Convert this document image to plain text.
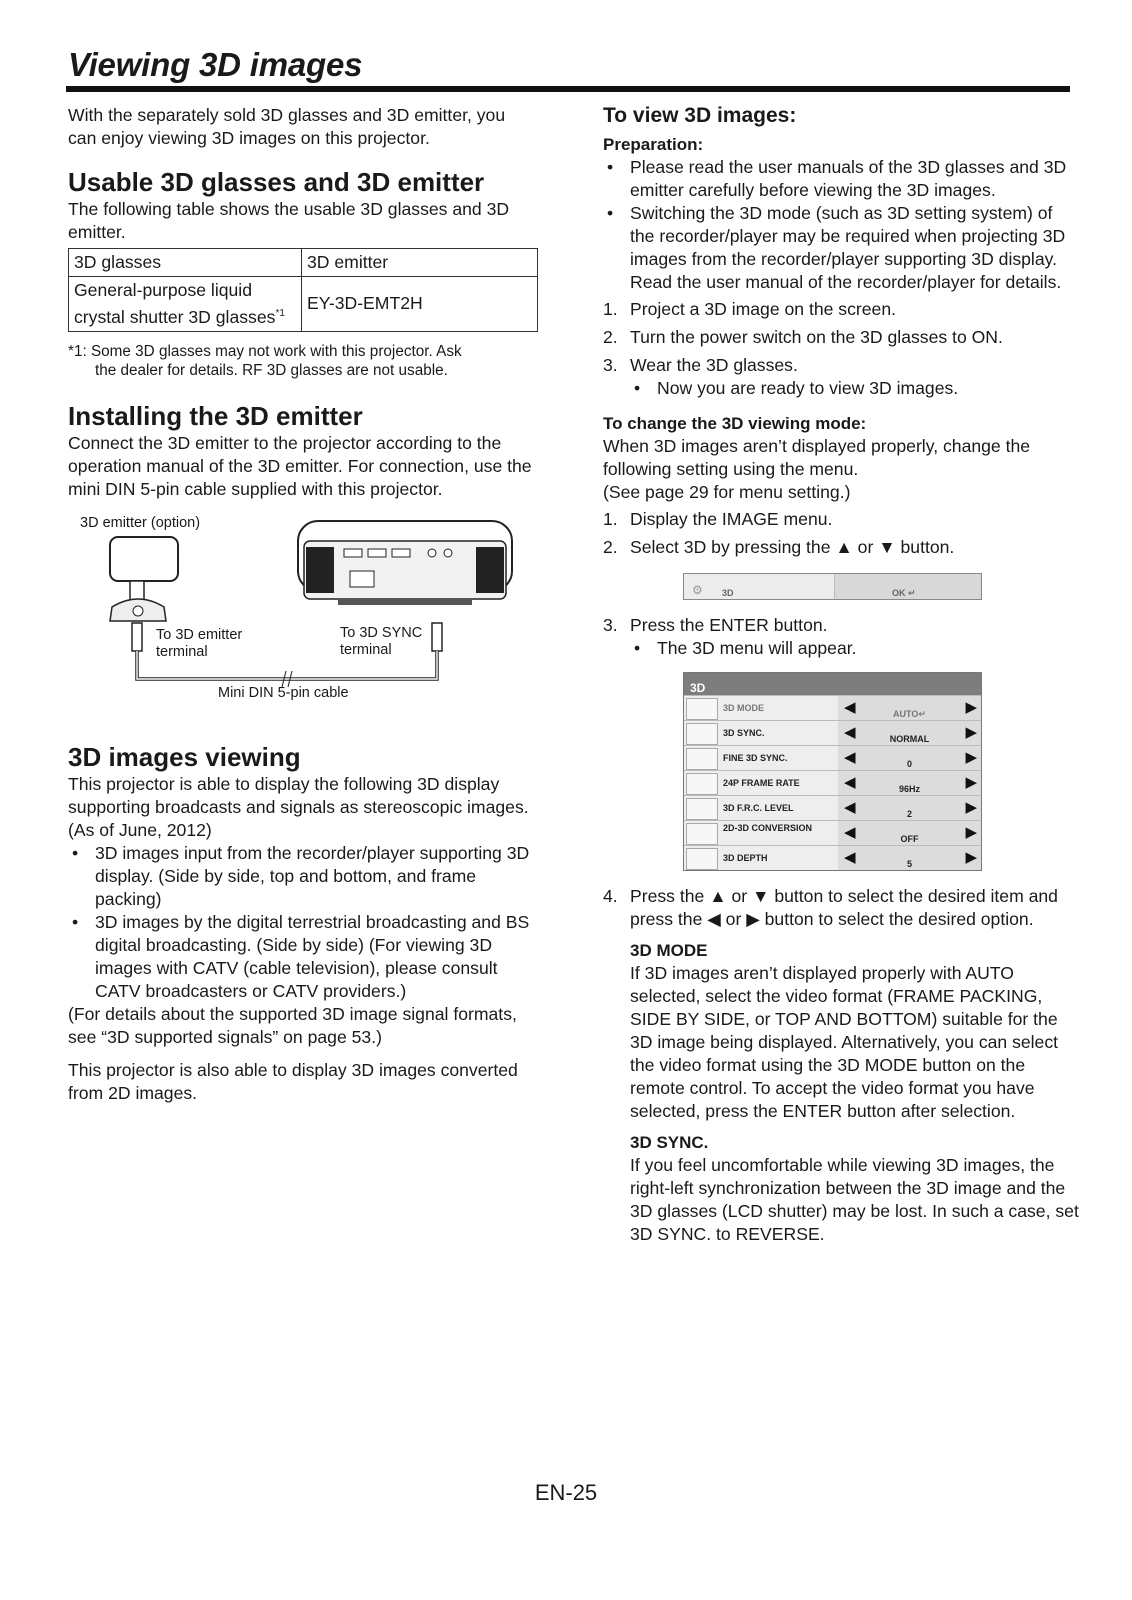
Viewing 3D images

With the separately sold 3D glasses and 3D emitter, you can enjoy viewing 3D images on this projector.

Usable 3D glasses and 3D emitter

The following table shows the usable 3D glasses and 3D emitter.

3D glasses	3D emitter
General-purpose liquid crystal shutter 3D glasses$^{*1}$	EY-3D-EMT2H
*1: Some 3D glasses may not work with this projector. Ask
the dealer for details. RF 3D glasses are not usable.
Installing the 3D emitter

Connect the 3D emitter to the projector according to the operation manual of the 3D emitter. For connection, use the mini DIN 5-pin cable supplied with this projector.

3D emitter (option)
To 3D emitter
terminal
To 3D SYNC
terminal
Mini DIN 5-pin cable
3D images viewing

This projector is able to display the following 3D display supporting broadcasts and signals as stereoscopic images. (As of June, 2012)

• 3D images input from the recorder/player supporting 3D display. (Side by side, top and bottom, and frame packing)
• 3D images by the digital terrestrial broadcasting and BS digital broadcasting. (Side by side) (For viewing 3D images with CATV (cable television), please consult CATV broadcasters or CATV providers.)

(For details about the supported 3D image signal formats, see “3D supported signals” on page 53.)

This projector is also able to display 3D images converted from 2D images.

To view 3D images:
Preparation:
• Please read the user manuals of the 3D glasses and 3D emitter carefully before viewing the 3D images.
• Switching the 3D mode (such as 3D setting system) of the recorder/player may be required when projecting 3D images from the recorder/player supporting 3D display. Read the user manual of the recorder/player for details.
1. Project a 3D image on the screen.
2. Turn the power switch on the 3D glasses to ON.
3. Wear the 3D glasses.
• Now you are ready to view 3D images.
To change the 3D viewing mode:
When 3D images aren’t displayed properly, change the following setting using the menu.
(See page 29 for menu setting.)
1. Display the IMAGE menu.
2. Select 3D by pressing the ▲ or ▼ button.
⚙ 3D	OK ↵
3. Press the ENTER button.
• The 3D menu will appear.
3D
3D MODE	◀	AUTO↵	▶
3D SYNC.	◀	NORMAL	▶
FINE 3D SYNC.	◀	0	▶
24P FRAME RATE	◀	96Hz	▶
3D F.R.C. LEVEL	◀	2	▶
2D-3D CONVERSION	◀	OFF	▶
3D DEPTH	◀	5	▶
4. Press the ▲ or ▼ button to select the desired item and press the ◀ or ▶ button to select the desired option.
3D MODE
If 3D images aren’t displayed properly with AUTO selected, select the video format (FRAME PACKING, SIDE BY SIDE, or TOP AND BOTTOM) suitable for the 3D image being displayed. Alternatively, you can select the video format using the 3D MODE button on the remote control. To accept the video format you have selected, press the ENTER button after selection.
3D SYNC.
If you feel uncomfortable while viewing 3D images, the right-left synchronization between the 3D image and the 3D glasses (LCD shutter) may be lost. In such a case, set 3D SYNC. to REVERSE.
EN-25
